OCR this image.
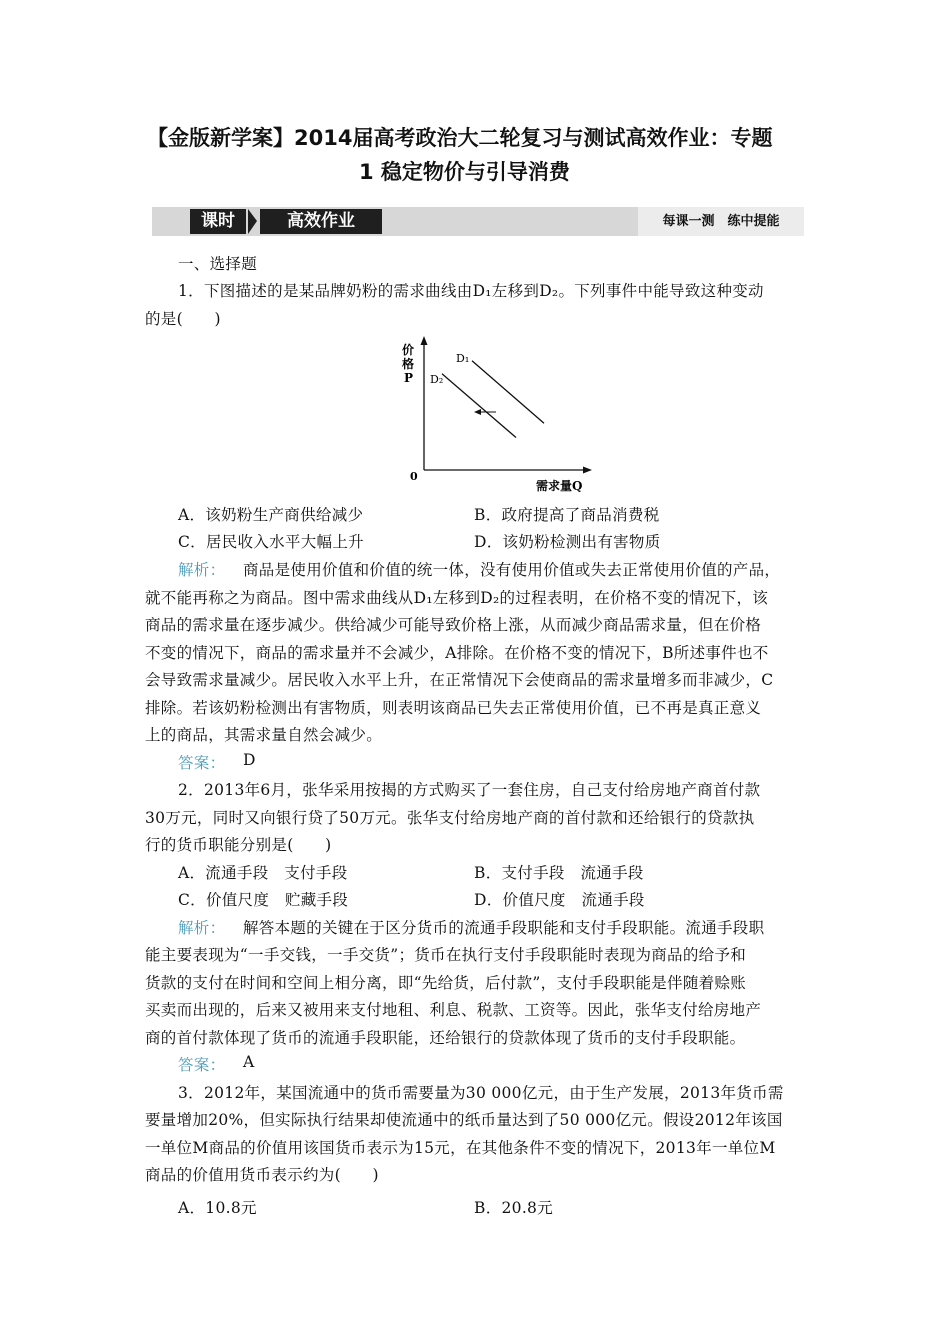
【金版新学案】2014届高考政治大二轮复习与测试高效作业：专题
1 稳定物价与引导消费
课时	高效作业	每课一测　练中提能
一、选择题
1．下图描述的是某品牌奶粉的需求曲线由D₁左移到D₂。下列事件中能导致这种变动
的是(　　)
价
格
P
D₁
D₂
0
需求量Q
A．该奶粉生产商供给减少	B．政府提高了商品消费税
C．居民收入水平大幅上升	D．该奶粉检测出有害物质
解析： 商品是使用价值和价值的统一体，没有使用价值或失去正常使用价值的产品，
就不能再称之为商品。图中需求曲线从D₁左移到D₂的过程表明，在价格不变的情况下，该
商品的需求量在逐步减少。供给减少可能导致价格上涨，从而减少商品需求量，但在价格
不变的情况下，商品的需求量并不会减少，A排除。在价格不变的情况下，B所述事件也不
会导致需求量减少。居民收入水平上升，在正常情况下会使商品的需求量增多而非减少，C
排除。若该奶粉检测出有害物质，则表明该商品已失去正常使用价值，已不再是真正意义
上的商品，其需求量自然会减少。
答案： D
2．2013年6月，张华采用按揭的方式购买了一套住房，自己支付给房地产商首付款
30万元，同时又向银行贷了50万元。张华支付给房地产商的首付款和还给银行的贷款执
行的货币职能分别是(　　)
A．流通手段　支付手段	B．支付手段　流通手段
C．价值尺度　贮藏手段	D．价值尺度　流通手段
解析： 解答本题的关键在于区分货币的流通手段职能和支付手段职能。流通手段职
能主要表现为“一手交钱，一手交货”；货币在执行支付手段职能时表现为商品的给予和
货款的支付在时间和空间上相分离，即“先给货，后付款”，支付手段职能是伴随着赊账
买卖而出现的，后来又被用来支付地租、利息、税款、工资等。因此，张华支付给房地产
商的首付款体现了货币的流通手段职能，还给银行的贷款体现了货币的支付手段职能。
答案： A
3．2012年，某国流通中的货币需要量为30 000亿元，由于生产发展，2013年货币需
要量增加20%，但实际执行结果却使流通中的纸币量达到了50 000亿元。假设2012年该国
一单位M商品的价值用该国货币表示为15元，在其他条件不变的情况下，2013年一单位M
商品的价值用货币表示约为(　　)
A．10.8元	B．20.8元
